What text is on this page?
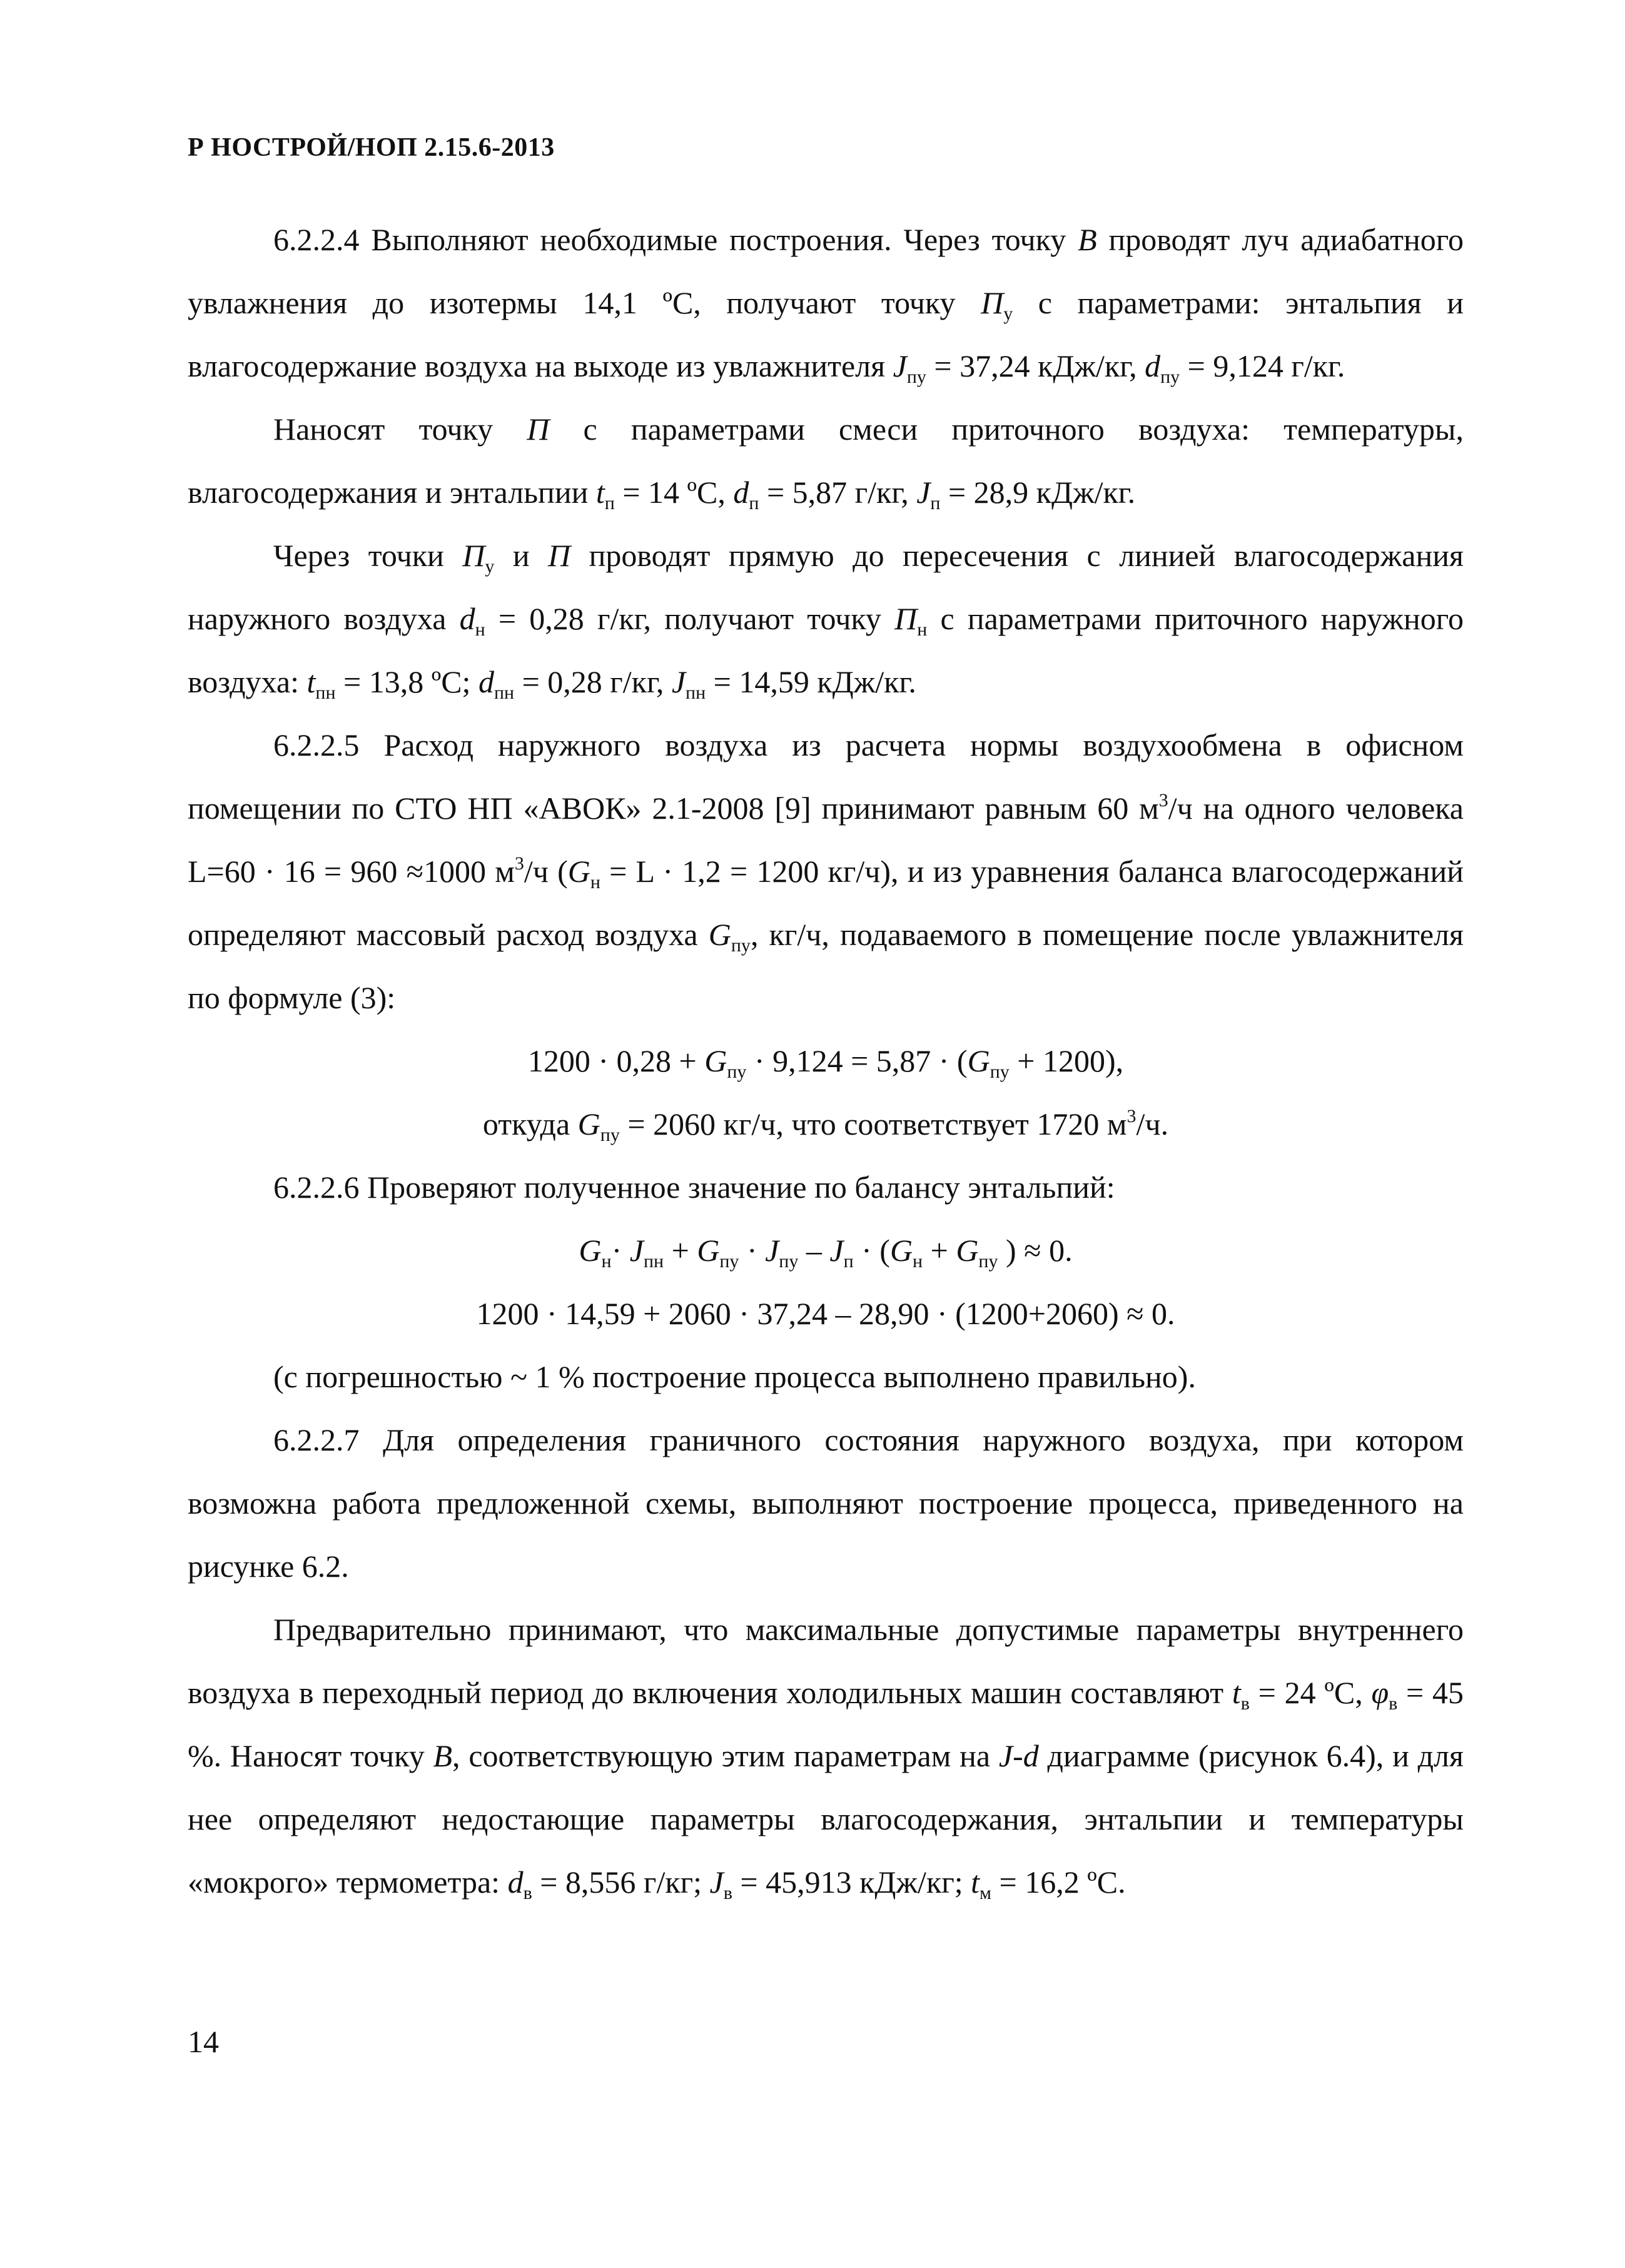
Р НОСТРОЙ/НОП 2.15.6-2013

6.2.2.4 Выполняют необходимые построения. Через точку В проводят луч адиабатного увлажнения до изотермы 14,1 ºС, получают точку $П_у$ с параметрами: энтальпия и влагосодержание воздуха на выходе из увлажнителя $J_{пу} = 37,24$ кДж/кг, $d_{пу} = 9,124$ г/кг.

Наносят точку П с параметрами смеси приточного воздуха: температуры, влагосодержания и энтальпии $t_п = 14$ ºС, $d_п = 5,87$ г/кг, $J_п = 28,9$ кДж/кг.

Через точки $П_у$ и П проводят прямую до пересечения с линией влагосодержания наружного воздуха $d_н = 0,28$ г/кг, получают точку $П_н$ с параметрами приточного наружного воздуха: $t_{пн} = 13,8$ ºС; $d_{пн} = 0,28$ г/кг, $J_{пн} = 14,59$ кДж/кг.

6.2.2.5 Расход наружного воздуха из расчета нормы воздухообмена в офисном помещении по СТО НП «АВОК» 2.1-2008 [9] принимают равным 60 $м^3/ч$ на одного человека L=60 · 16 = 960 ≈1000 $м^3/ч$ ($G_н = L \cdot 1,2 = 1200$ кг/ч), и из уравнения баланса влагосодержаний определяют массовый расход воздуха $G_{пу}$, кг/ч, подаваемого в помещение после увлажнителя по формуле (3):

$1200 \cdot 0,28 + G_{пу} \cdot 9,124 = 5,87 \cdot (G_{пу} + 1200)$,

откуда $G_{пу} = 2060$ кг/ч, что соответствует 1720 $м^3/ч$.

6.2.2.6 Проверяют полученное значение по балансу энтальпий:

$G_н\cdot J_{пн} + G_{пу} \cdot J_{пу} - J_п \cdot (G_н + G_{пу}$ ) ≈ 0.

1200 · 14,59 + 2060 · 37,24 – 28,90 · (1200+2060) ≈ 0.

(с погрешностью ~ 1 % построение процесса выполнено правильно).

6.2.2.7 Для определения граничного состояния наружного воздуха, при котором возможна работа предложенной схемы, выполняют построение процесса, приведенного на рисунке 6.2.

Предварительно принимают, что максимальные допустимые параметры внутреннего воздуха в переходный период до включения холодильных машин составляют $t_в = 24$ ºС, $\varphi_в = 45$ %. Наносят точку В, соответствующую этим параметрам на J-d диаграмме (рисунок 6.4), и для нее определяют недостающие параметры влагосодержания, энтальпии и температуры «мокрого» термометра: $d_в = 8,556$ г/кг; $J_в = 45,913$ кДж/кг; $t_м = 16,2$ ºС.

14
